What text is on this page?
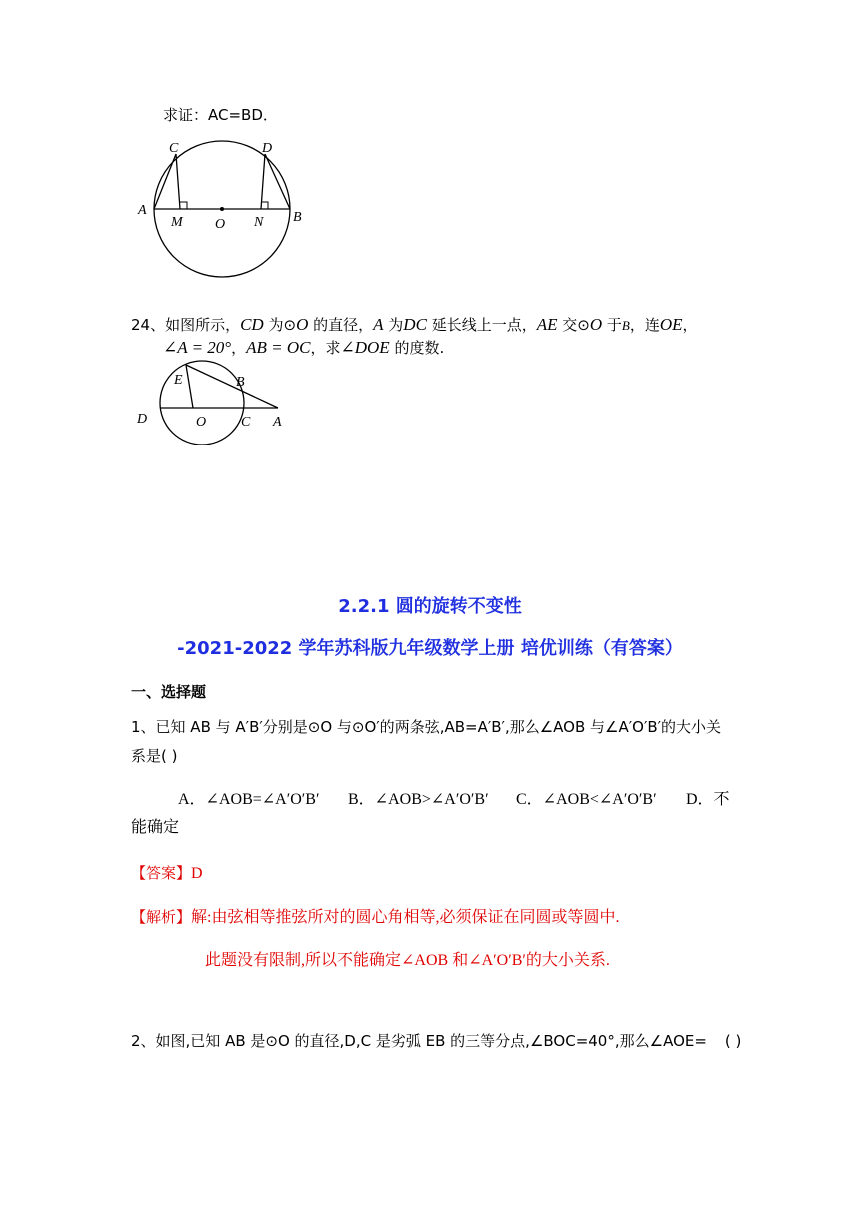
求证：AC=BD．
C	D
A
M O N B
24、如图所示，CD 为⊙O 的直径，A 为DC 延长线上一点，AE 交⊙O 于B，连OE，
∠A = 20°，AB = OC，求∠DOE 的度数.
E	B
D	O C A
2.2.1 圆的旋转不变性
-2021-2022 学年苏科版九年级数学上册 培优训练（有答案）
一、选择题
1、已知 AB 与 A′B′分别是⊙O 与⊙O′的两条弦,AB=A′B′,那么∠AOB 与∠A′O′B′的大小关
系是( )
A．∠AOB=∠A′O′B′ B．∠AOB>∠A′O′B′ C．∠AOB<∠A′O′B′ D．不
能确定
【答案】D
【解析】解:由弦相等推弦所对的圆心角相等,必须保证在同圆或等圆中.
此题没有限制,所以不能确定∠AOB 和∠A′O′B′的大小关系.
2、如图,已知 AB 是⊙O 的直径,D,C 是劣弧 EB 的三等分点,∠BOC=40°,那么∠AOE= ( )
